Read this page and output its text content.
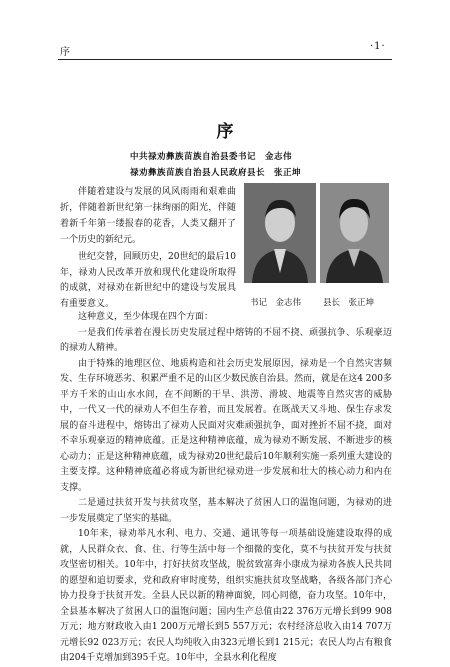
序
·1·
序
中共禄劝彝族苗族自治县委书记　金志伟
禄劝彝族苗族自治县人民政府县长　张正坤

伴随着建设与发展的风风雨雨和艰难曲折，伴随着新世纪第一抹绚丽的阳光，伴随着新千年第一缕报春的花香，人类又翻开了一个历史的新纪元。

世纪交替，回顾历史，20世纪的最后10年，禄劝人民改革开放和现代化建设所取得的成就，对禄劝在新世纪中的建设与发展具有重要意义。	书记　金志伟	县长　张正坤

这种意义，至少体现在四个方面：

一是我们传承着在漫长历史发展过程中熔铸的不屈不挠、顽强抗争、乐观豪迈的禄劝人精神。

由于特殊的地理区位、地质构造和社会历史发展原因，禄劝是一个自然灾害频发、生存环境恶劣、积累严重不足的山区少数民族自治县。然而，就是在这4 200多平方千米的山山水水间，在不间断的干旱、洪涝、滑坡、地震等自然灾害的威胁中，一代又一代的禄劝人不但生存着，而且发展着。在既战天又斗地、保生存求发展的奋斗进程中，熔铸出了禄劝人民面对灾难顽强抗争，面对挫折不屈不挠，面对不幸乐观豪迈的精神底蕴。正是这种精神底蕴，成为禄劝不断发展、不断进步的核心动力；正是这种精神底蕴，成为禄劝20世纪最后10年顺利实施一系列重大建设的主要支撑。这种精神底蕴必将成为新世纪禄劝进一步发展和壮大的核心动力和内在支撑。

二是通过扶贫开发与扶贫攻坚，基本解决了贫困人口的温饱问题，为禄劝的进一步发展奠定了坚实的基础。

10年来，禄劝举凡水利、电力、交通、通讯等每一项基础设施建设取得的成就，人民群众衣、食、住、行等生活中每一个细微的变化，莫不与扶贫开发与扶贫攻坚密切相关。10年中，打好扶贫攻坚战，脱贫致富奔小康成为禄劝各族人民共同的愿望和追切要求，党和政府审时度势，组织实施扶贫攻坚战略，各级各部门齐心协力投身于扶贫开发。全县人民以新的精神面貌，同心同德，奋力攻坚。10年中，全县基本解决了贫困人口的温饱问题；国内生产总值由22 376万元增长到99 908万元；地方财政收入由1 200万元增长到5 557万元；农村经济总收入由14 707万元增长92 023万元；农民人均纯收入由323元增长到1 215元；农民人均占有粮食由204千克增加到395千克。10年中，全县水利化程度
